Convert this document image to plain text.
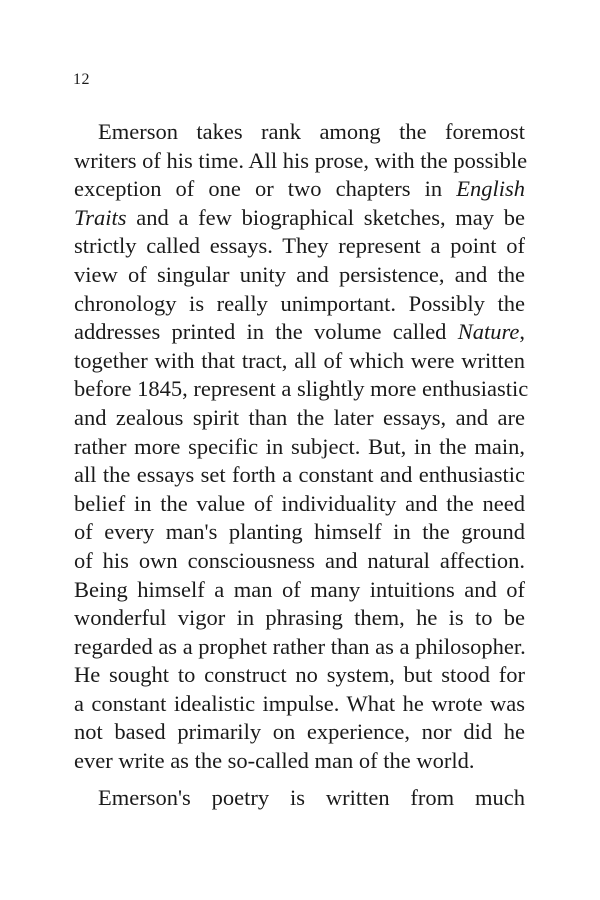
12
Emerson takes rank among the foremost
writers of his time. All his prose, with the possible
exception of one or two chapters in English
Traits and a few biographical sketches, may be
strictly called essays. They represent a point of
view of singular unity and persistence, and the
chronology is really unimportant. Possibly the
addresses printed in the volume called Nature,
together with that tract, all of which were written
before 1845, represent a slightly more enthusiastic
and zealous spirit than the later essays, and are
rather more specific in subject. But, in the main,
all the essays set forth a constant and enthusiastic
belief in the value of individuality and the need
of every man's planting himself in the ground
of his own consciousness and natural affection.
Being himself a man of many intuitions and of
wonderful vigor in phrasing them, he is to be
regarded as a prophet rather than as a philosopher.
He sought to construct no system, but stood for
a constant idealistic impulse. What he wrote was
not based primarily on experience, nor did he
ever write as the so-called man of the world.
Emerson's poetry is written from much
